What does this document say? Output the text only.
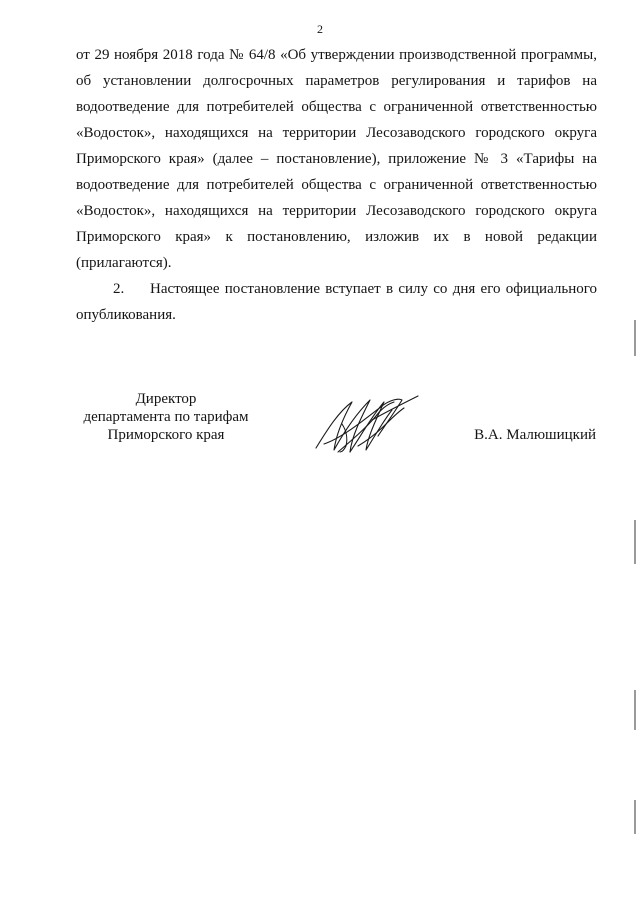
2
от 29 ноября 2018 года № 64/8 «Об утверждении производственной программы,
об установлении долгосрочных параметров регулирования и тарифов на
водоотведение для потребителей общества с ограниченной ответственностью
«Водосток», находящихся на территории Лесозаводского городского округа
Приморского края» (далее – постановление), приложение № 3 «Тарифы на
водоотведение для потребителей общества с ограниченной ответственностью
«Водосток», находящихся на территории Лесозаводского городского округа
Приморского края» к постановлению, изложив их в новой редакции
(прилагаются).
2.	Настоящее постановление вступает в силу со дня его официального
опубликования.
Директор
департамента по тарифам
Приморского края	В.А. Малюшицкий
